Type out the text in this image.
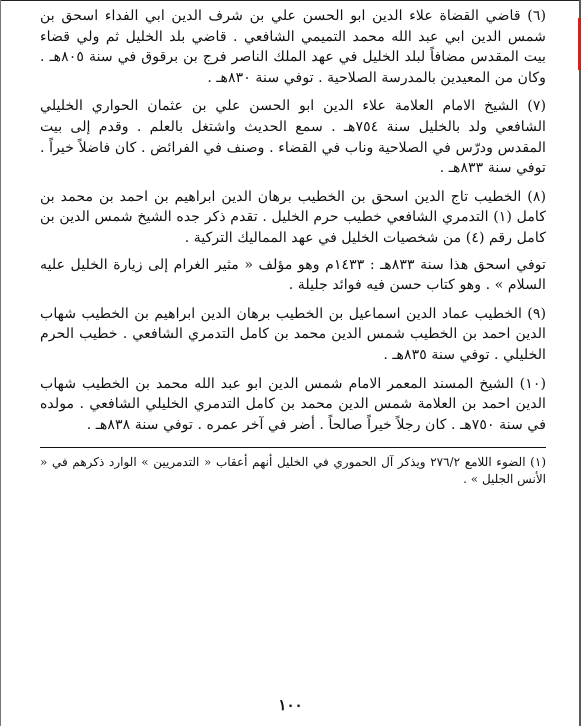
(٦) قاضي القضاة علاء الدين ابو الحسن علي بن شرف الدين ابي الفداء اسحق بن شمس الدين ابي عبد الله محمد التميمي الشافعي . قاضي بلد الخليل ثم ولي قضاء بيت المقدس مضافاً لبلد الخليل في عهد الملك الناصر فرج بن برقوق في سنة ٨٠٥هـ . وكان من المعيدين بالمدرسة الصلاحية . توفي سنة ٨٣٠هـ .

(٧) الشيخ الامام العلامة علاء الدين ابو الحسن علي بن عثمان الحواري الخليلي الشافعي ولد بالخليل سنة ٧٥٤هـ . سمع الحديث واشتغل بالعلم . وقدم إلى بيت المقدس ودرّس في الصلاحية وناب في القضاء . وصنف في الفرائض . كان فاضلاً خيراً . توفي سنة ٨٣٣هـ .

(٨) الخطيب تاج الدين اسحق بن الخطيب برهان الدين ابراهيم بن احمد بن محمد بن كامل (١) التدمري الشافعي خطيب حرم الخليل . تقدم ذكر جده الشيخ شمس الدين بن كامل رقم (٤) من شخصيات الخليل في عهد المماليك التركية .

توفي اسحق هذا سنة ٨٣٣هـ : ١٤٣٣م وهو مؤلف « مثير الغرام إلى زيارة الخليل عليه السلام » . وهو كتاب حسن فيه فوائد جليلة .

(٩) الخطيب عماد الدين اسماعيل بن الخطيب برهان الدين ابراهيم بن الخطيب شهاب الدين احمد بن الخطيب شمس الدين محمد بن كامل التدمري الشافعي . خطيب الحرم الخليلي . توفي سنة ٨٣٥هـ .

(١٠) الشيخ المسند المعمر الامام شمس الدين ابو عبد الله محمد بن الخطيب شهاب الدين احمد بن العلامة شمس الدين محمد بن كامل التدمري الخليلي الشافعي . مولده في سنة ٧٥٠هـ . كان رجلاً خيراً صالحاً . أضر في آخر عمره . توفي سنة ٨٣٨هـ .

(١) الضوء اللامع ٢٧٦/٢ ويذكر آل الحموري في الخليل أنهم أعقاب « التدمريين » الوارد ذكرهم في « الأنس الجليل » .
١٠٠
